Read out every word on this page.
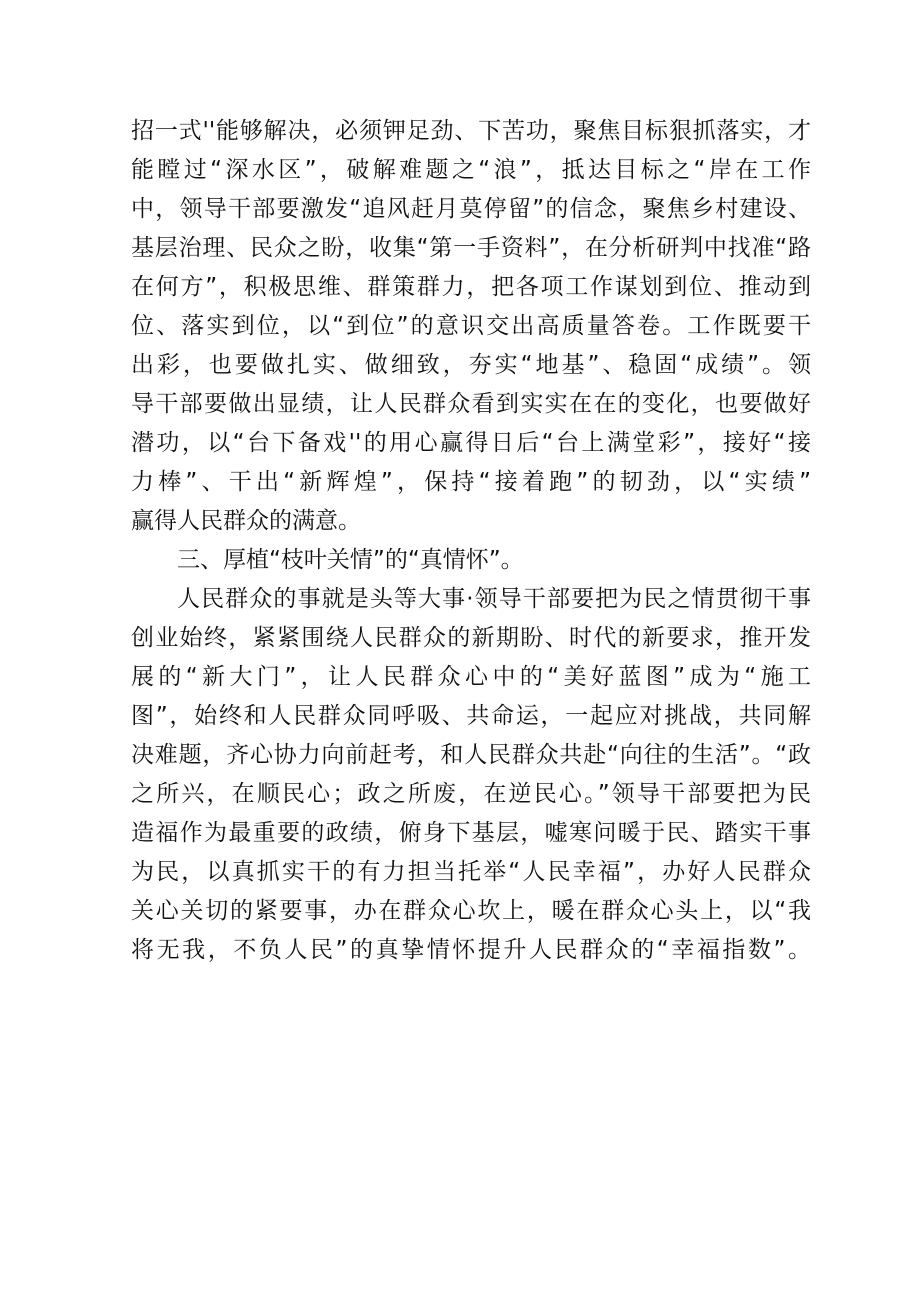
招一式''能够解决，必须钾足劲、下苦功，聚焦目标狠抓落实，才
能瞠过“深水区”，破解难题之“浪”，抵达目标之“岸在工作
中，领导干部要激发“追风赶月莫停留”的信念，聚焦乡村建设、
基层治理、民众之盼，收集“第一手资料”，在分析研判中找准“路
在何方”，积极思维、群策群力，把各项工作谋划到位、推动到
位、落实到位，以“到位”的意识交出高质量答卷。工作既要干
出彩，也要做扎实、做细致，夯实“地基”、稳固“成绩”。领
导干部要做出显绩，让人民群众看到实实在在的变化，也要做好
潜功，以“台下备戏''的用心赢得日后“台上满堂彩”，接好“接
力棒”、干出“新辉煌”，保持“接着跑”的韧劲，以“实绩”
赢得人民群众的满意。
三、厚植“枝叶关情”的“真情怀”。
人民群众的事就是头等大事·领导干部要把为民之情贯彻干事
创业始终，紧紧围绕人民群众的新期盼、时代的新要求，推开发
展的“新大门”，让人民群众心中的“美好蓝图”成为“施工
图”，始终和人民群众同呼吸、共命运，一起应对挑战，共同解
决难题，齐心协力向前赶考，和人民群众共赴“向往的生活”。“政
之所兴，在顺民心；政之所废，在逆民心。”领导干部要把为民
造福作为最重要的政绩，俯身下基层，嘘寒问暖于民、踏实干事
为民，以真抓实干的有力担当托举“人民幸福”，办好人民群众
关心关切的紧要事，办在群众心坎上，暖在群众心头上，以“我
将无我，不负人民”的真挚情怀提升人民群众的“幸福指数”。
